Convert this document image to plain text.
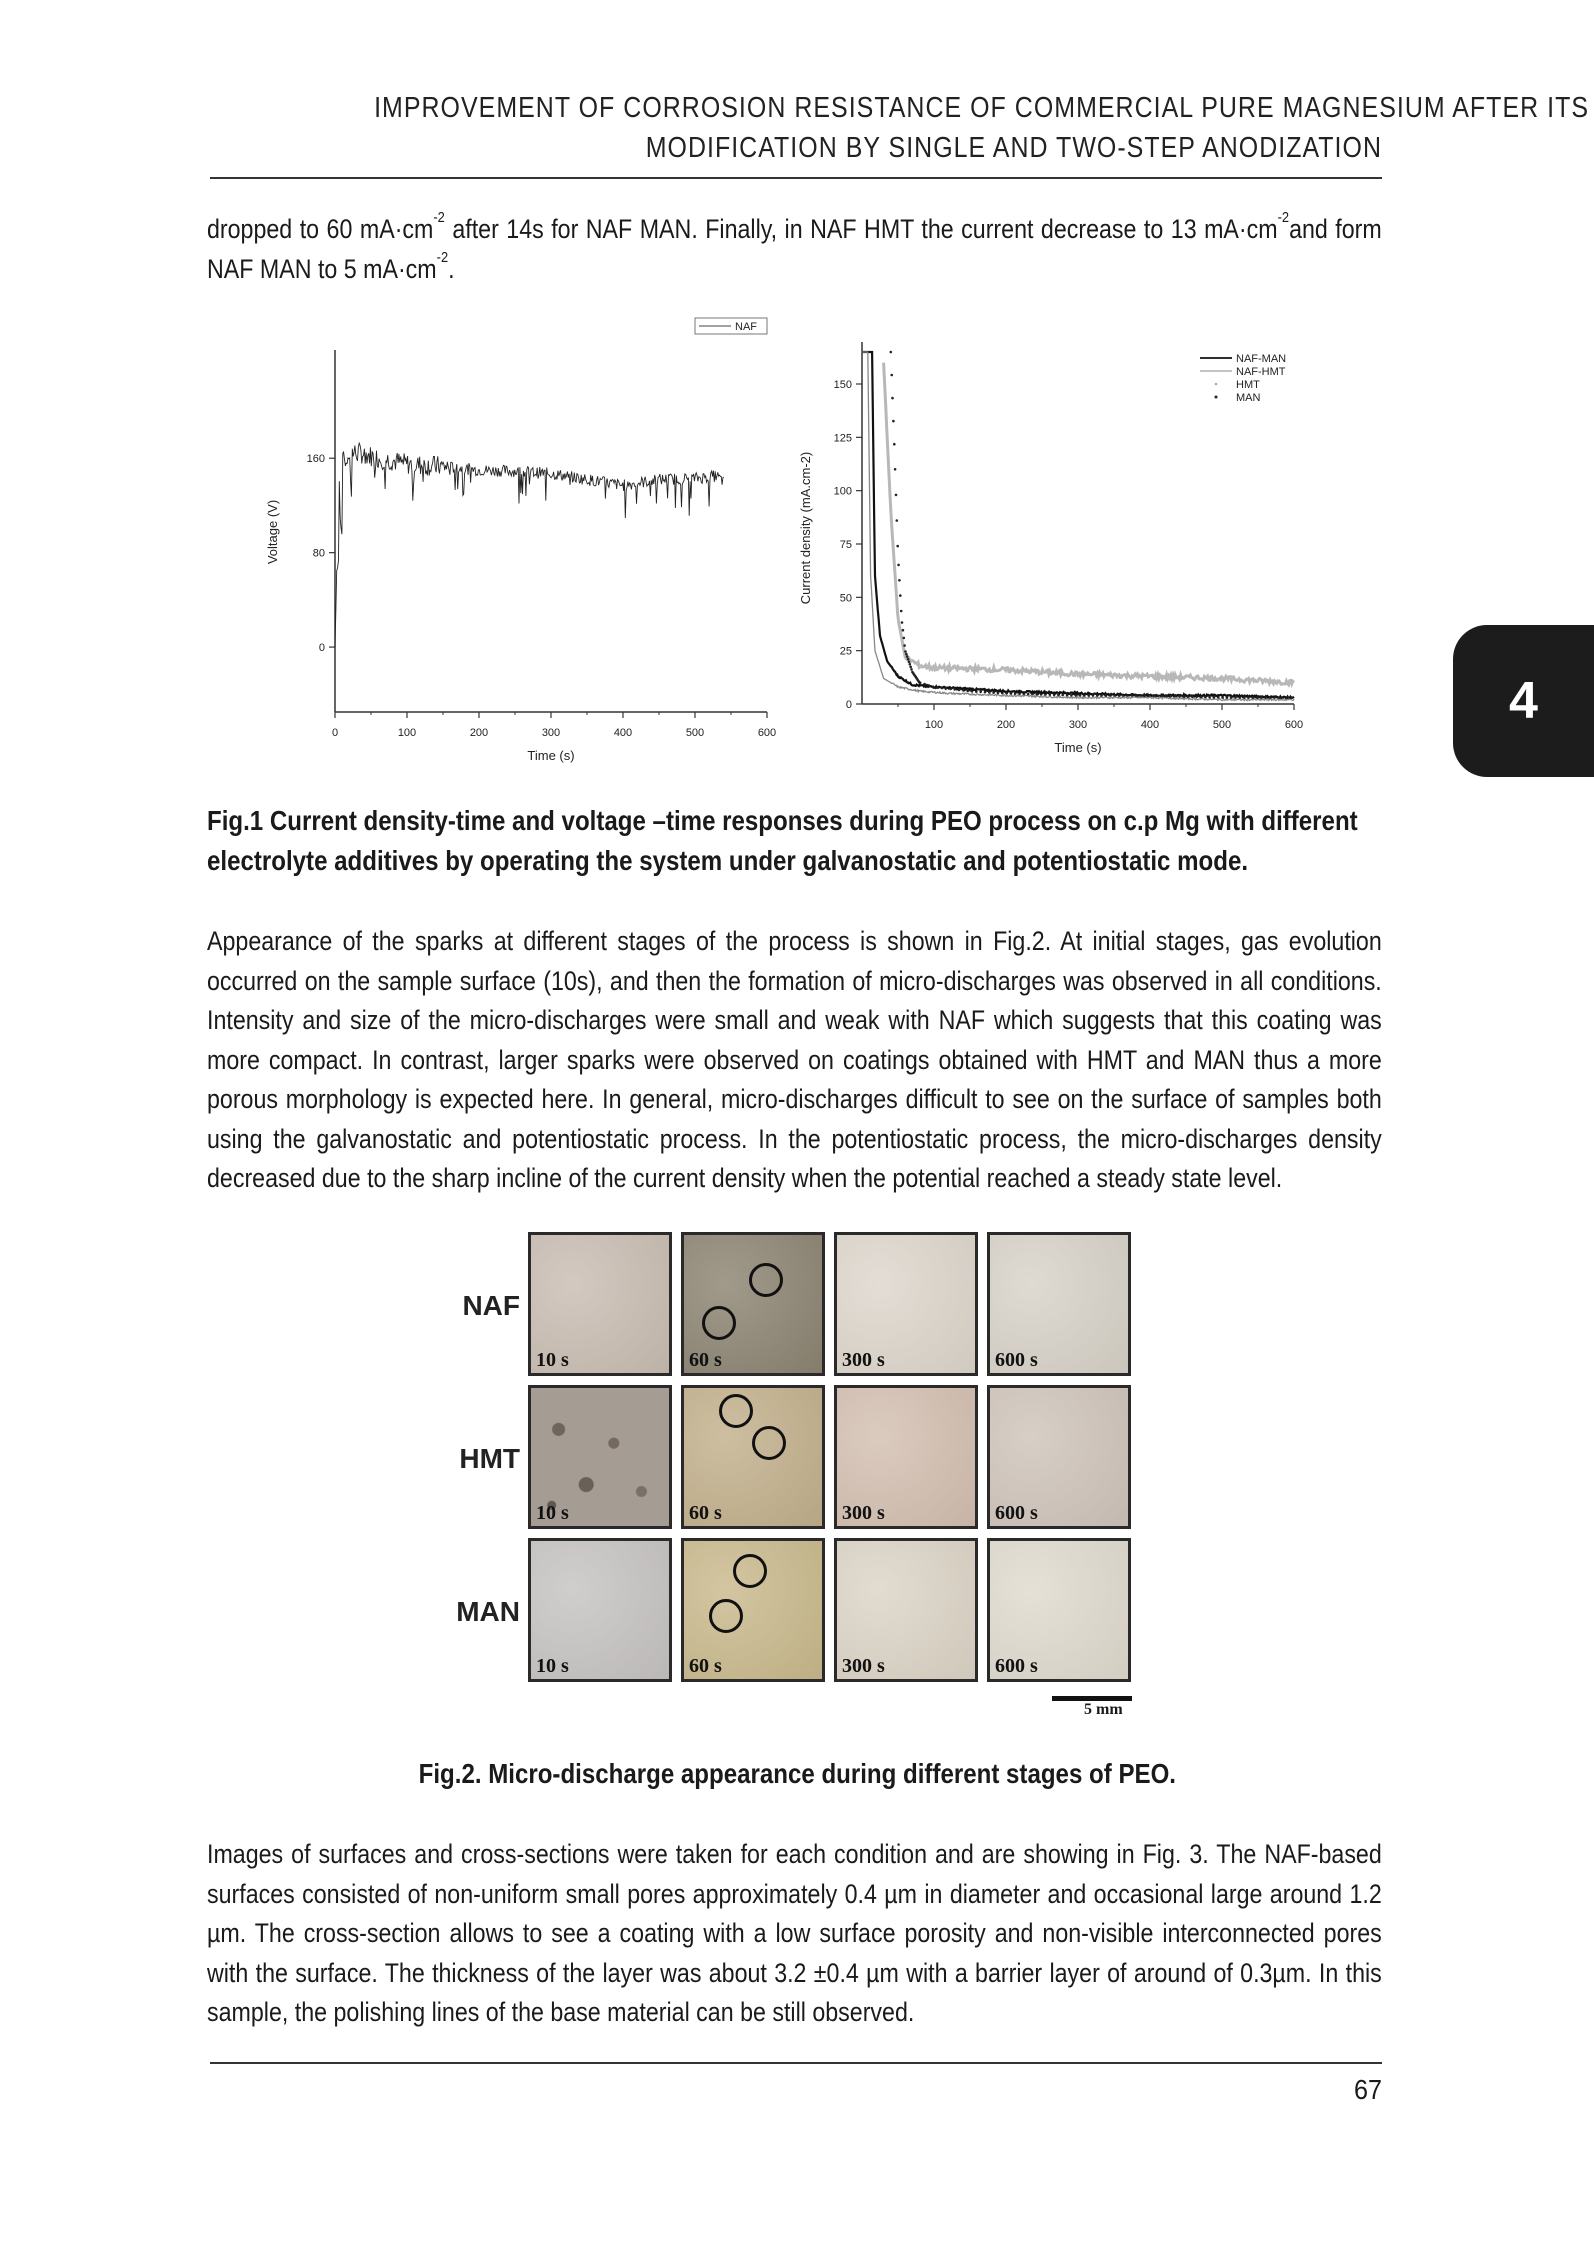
IMPROVEMENT OF CORROSION RESISTANCE OF COMMERCIAL PURE MAGNESIUM AFTER ITS
MODIFICATION BY SINGLE AND TWO-STEP ANODIZATION
4
dropped to 60 $mA\cdot cm^{-2}$ after 14s for NAF MAN. Finally, in NAF HMT the current decrease to 13 $mA\cdot cm^{-2}and$ form NAF MAN to 5 $mA\cdot cm^{-2}$.
0	100	200	300	400	500	600
0
80
160
Time (s)
Voltage (V)
NAF
100	200	300	400	500	600
0
25
50
75
100
125
150
Time (s)
Current density (mA.cm-2)
NAF-MAN
NAF-HMT
HMT
MAN
Fig.1 Current density-time and voltage –time responses during PEO process on c.p Mg with different electrolyte additives by operating the system under galvanostatic and potentiostatic mode.
Appearance of the sparks at different stages of the process is shown in Fig.2. At initial stages, gas evolution occurred on the sample surface (10s), and then the formation of micro-discharges was observed in all conditions. Intensity and size of the micro-discharges were small and weak with NAF which suggests that this coating was more compact. In contrast, larger sparks were observed on coatings obtained with HMT and MAN thus a more porous morphology is expected here. In general, micro-discharges difficult to see on the surface of samples both using the galvanostatic and potentiostatic process. In the potentiostatic process, the micro-discharges density decreased due to the sharp incline of the current density when the potential reached a steady state level.
NAF
10 s	60 s	300 s	600 s
HMT
10 s	60 s	300 s	600 s
MAN
10 s	60 s	300 s	600 s
5 mm
Fig.2. Micro-discharge appearance during different stages of PEO.
Images of surfaces and cross-sections were taken for each condition and are showing in Fig. 3. The NAF-based surfaces consisted of non-uniform small pores approximately 0.4 µm in diameter and occasional large around 1.2 µm. The cross-section allows to see a coating with a low surface porosity and non-visible interconnected pores with the surface. The thickness of the layer was about 3.2 ±0.4 µm with a barrier layer of around of 0.3µm. In this sample, the polishing lines of the base material can be still observed.
67
